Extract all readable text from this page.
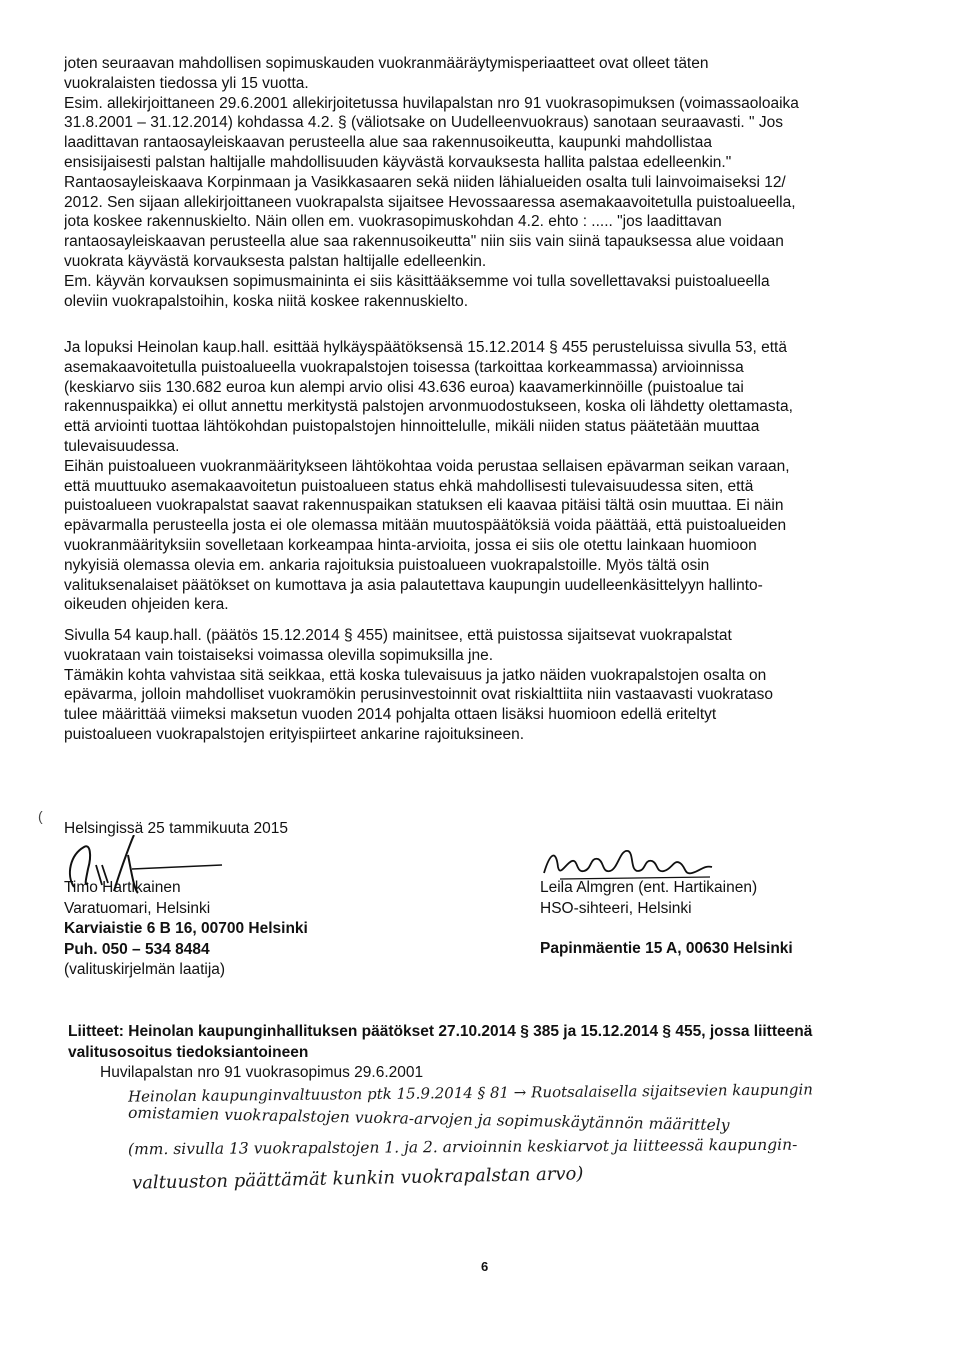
joten seuraavan mahdollisen sopimuskauden vuokranmääräytymisperiaatteet ovat olleet täten
vuokralaisten tiedossa yli 15 vuotta.
Esim. allekirjoittaneen 29.6.2001 allekirjoitetussa huvilapalstan nro 91 vuokrasopimuksen (voimassaoloaika
31.8.2001 – 31.12.2014) kohdassa 4.2. § (väliotsake on Uudelleenvuokraus) sanotaan seuraavasti. " Jos
laadittavan rantaosayleiskaavan perusteella alue saa rakennusoikeutta, kaupunki mahdollistaa
ensisijaisesti palstan haltijalle mahdollisuuden käyvästä korvauksesta hallita palstaa edelleenkin."
Rantaosayleiskaava Korpinmaan ja Vasikkasaaren sekä niiden lähialueiden osalta tuli lainvoimaiseksi 12/
2012. Sen sijaan allekirjoittaneen vuokrapalsta sijaitsee Hevossaaressa asemakaavoitetulla puistoalueella,
jota koskee rakennuskielto. Näin ollen em. vuokrasopimuskohdan 4.2. ehto : ..... "jos laadittavan
rantaosayleiskaavan perusteella alue saa rakennusoikeutta" niin siis vain siinä tapauksessa alue voidaan
vuokrata käyvästä korvauksesta palstan haltijalle edelleenkin.
Em. käyvän korvauksen sopimusmaininta ei siis käsittääksemme voi tulla sovellettavaksi puistoalueella
oleviin vuokrapalstoihin, koska niitä koskee rakennuskielto.
Ja lopuksi Heinolan kaup.hall. esittää hylkäyspäätöksensä 15.12.2014 § 455 perusteluissa sivulla 53, että
asemakaavoitetulla puistoalueella vuokrapalstojen toisessa (tarkoittaa korkeammassa) arvioinnissa
(keskiarvo siis 130.682 euroa kun alempi arvio olisi 43.636 euroa) kaavamerkinnöille (puistoalue tai
rakennuspaikka) ei ollut annettu merkitystä palstojen arvonmuodostukseen, koska oli lähdetty olettamasta,
että arviointi tuottaa lähtökohdan puistopalstojen hinnoittelulle, mikäli niiden status päätetään muuttaa
tulevaisuudessa.
Eihän puistoalueen vuokranmääritykseen lähtökohtaa voida perustaa sellaisen epävarman seikan varaan,
että muuttuuko asemakaavoitetun puistoalueen status ehkä mahdollisesti tulevaisuudessa siten, että
puistoalueen vuokrapalstat saavat rakennuspaikan statuksen eli kaavaa pitäisi tältä osin muuttaa. Ei näin
epävarmalla perusteella josta ei ole olemassa mitään muutospäätöksiä voida päättää, että puistoalueiden
vuokranmäärityksiin sovelletaan korkeampaa hinta-arvioita, jossa ei siis ole otettu lainkaan huomioon
nykyisiä olemassa olevia em. ankaria rajoituksia puistoalueen vuokrapalstoille. Myös tältä osin
valituksenalaiset päätökset on kumottava ja asia palautettava kaupungin uudelleenkäsittelyyn hallinto-
oikeuden ohjeiden kera.
Sivulla 54 kaup.hall. (päätös 15.12.2014 § 455) mainitsee, että puistossa sijaitsevat vuokrapalstat
vuokrataan vain toistaiseksi voimassa olevilla sopimuksilla jne.
Tämäkin kohta vahvistaa sitä seikkaa, että koska tulevaisuus ja jatko näiden vuokrapalstojen osalta on
epävarma, jolloin mahdolliset vuokramökin perusinvestoinnit ovat riskialttiita niin vastaavasti vuokrataso
tulee määrittää viimeksi maksetun vuoden 2014 pohjalta ottaen lisäksi huomioon edellä eriteltyt
puistoalueen vuokrapalstojen erityispiirteet ankarine rajoituksineen.
(
Helsingissä 25 tammikuuta 2015
Timo Hartikainen
Varatuomari, Helsinki
Karviaistie 6 B 16, 00700 Helsinki
Puh. 050 – 534 8484
(valituskirjelmän laatija)
Leila Almgren (ent. Hartikainen)
HSO-sihteeri, Helsinki
Papinmäentie 15 A, 00630 Helsinki
Liitteet: Heinolan kaupunginhallituksen päätökset 27.10.2014 § 385 ja 15.12.2014 § 455, jossa liitteenä
valitusosoitus tiedoksiantoineen
Huvilapalstan nro 91 vuokrasopimus 29.6.2001
Heinolan kaupunginvaltuuston ptk 15.9.2014 § 81 → Ruotsalaisella sijaitsevien kaupungin
omistamien vuokrapalstojen vuokra-arvojen ja sopimuskäytännön määrittely
(mm. sivulla 13 vuokrapalstojen 1. ja 2. arvioinnin keskiarvot ja liitteessä kaupungin-
valtuuston päättämät kunkin vuokrapalstan arvo)
6
